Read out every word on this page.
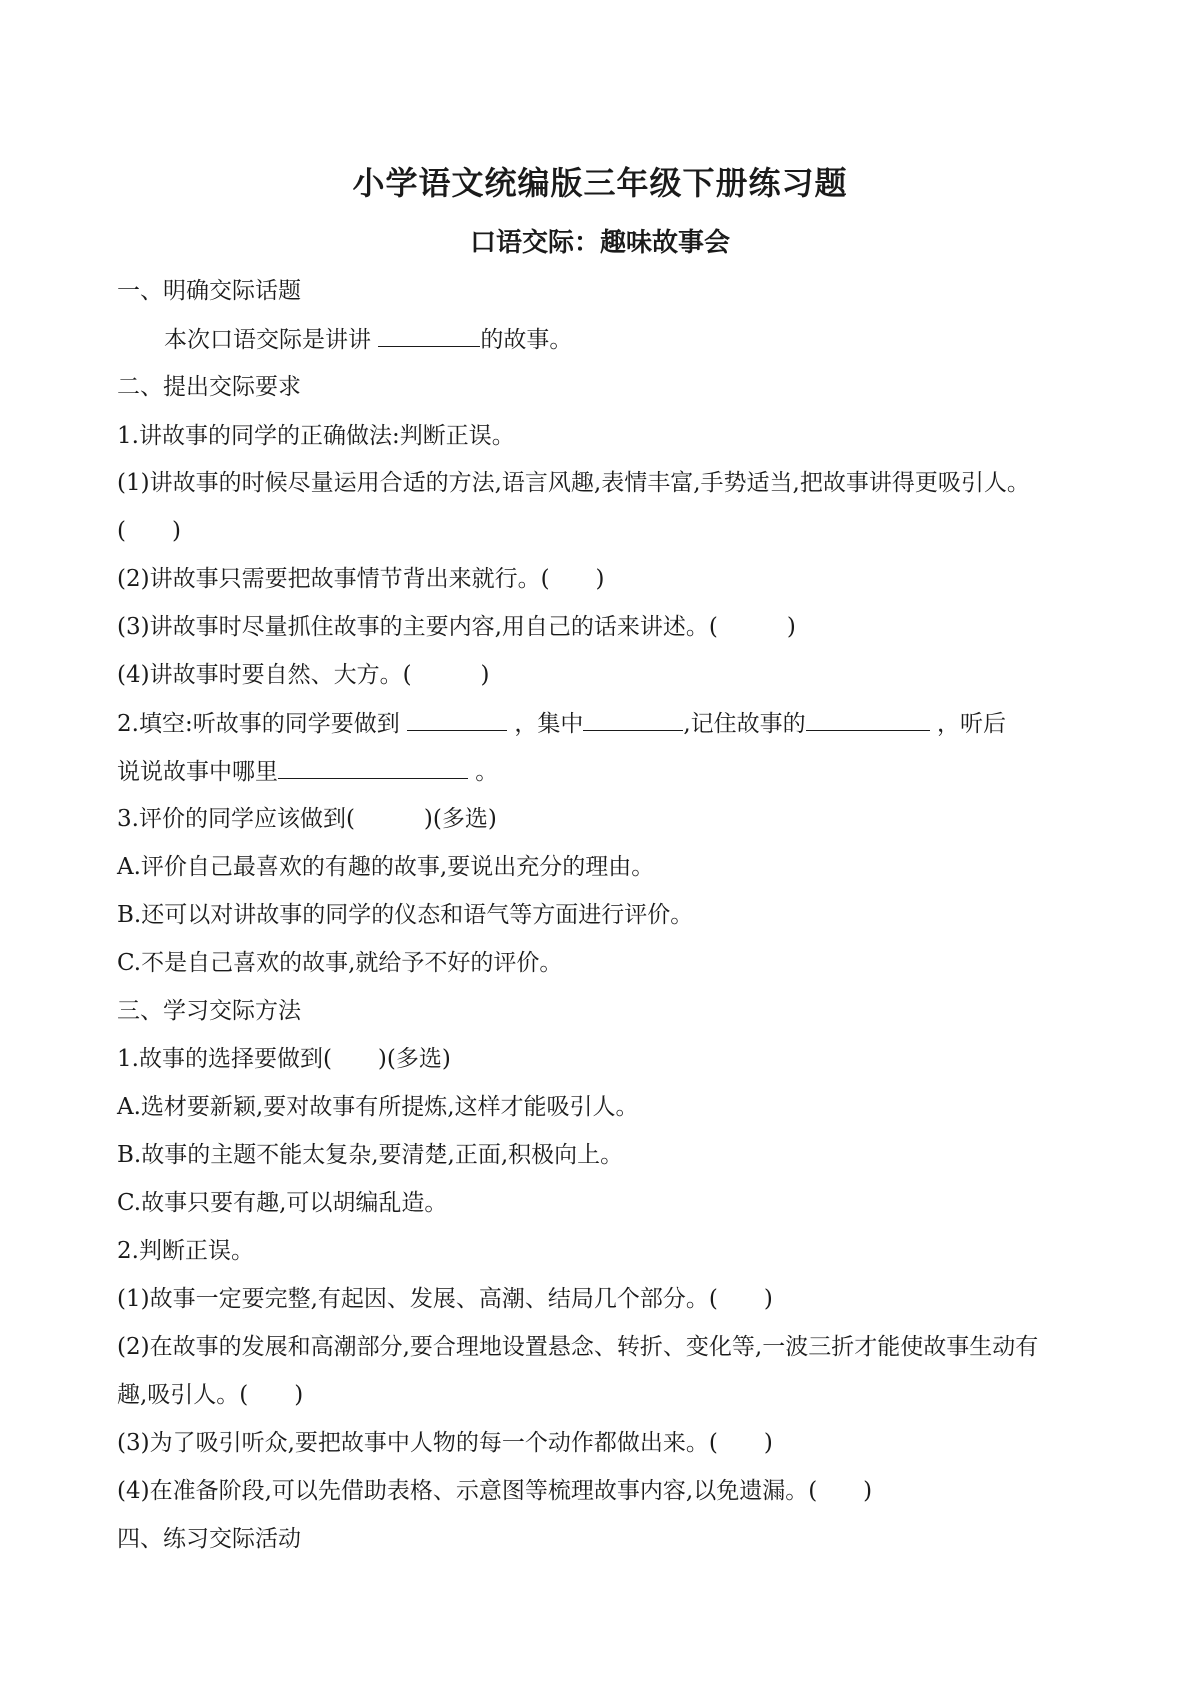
小学语文统编版三年级下册练习题
口语交际：趣味故事会
一、明确交际话题
本次口语交际是讲讲	的故事。
二、提出交际要求
1.讲故事的同学的正确做法:判断正误。
(1)讲故事的时候尽量运用合适的方法,语言风趣,表情丰富,手势适当,把故事讲得更吸引人。
(　　)
(2)讲故事只需要把故事情节背出来就行。(　　)
(3)讲故事时尽量抓住故事的主要内容,用自己的话来讲述。(　　　)
(4)讲故事时要自然、大方。(　　　)
2.填空:听故事的同学要做到	，集中	,记住故事的	，听后
说说故事中哪里	。
3.评价的同学应该做到(　　　)(多选)
A.评价自己最喜欢的有趣的故事,要说出充分的理由。
B.还可以对讲故事的同学的仪态和语气等方面进行评价。
C.不是自己喜欢的故事,就给予不好的评价。
三、学习交际方法
1.故事的选择要做到(　　)(多选)
A.选材要新颖,要对故事有所提炼,这样才能吸引人。
B.故事的主题不能太复杂,要清楚,正面,积极向上。
C.故事只要有趣,可以胡编乱造。
2.判断正误。
(1)故事一定要完整,有起因、发展、高潮、结局几个部分。(　　)
(2)在故事的发展和高潮部分,要合理地设置悬念、转折、变化等,一波三折才能使故事生动有
趣,吸引人。(　　)
(3)为了吸引听众,要把故事中人物的每一个动作都做出来。(　　)
(4)在准备阶段,可以先借助表格、示意图等梳理故事内容,以免遗漏。(　　)
四、练习交际活动
